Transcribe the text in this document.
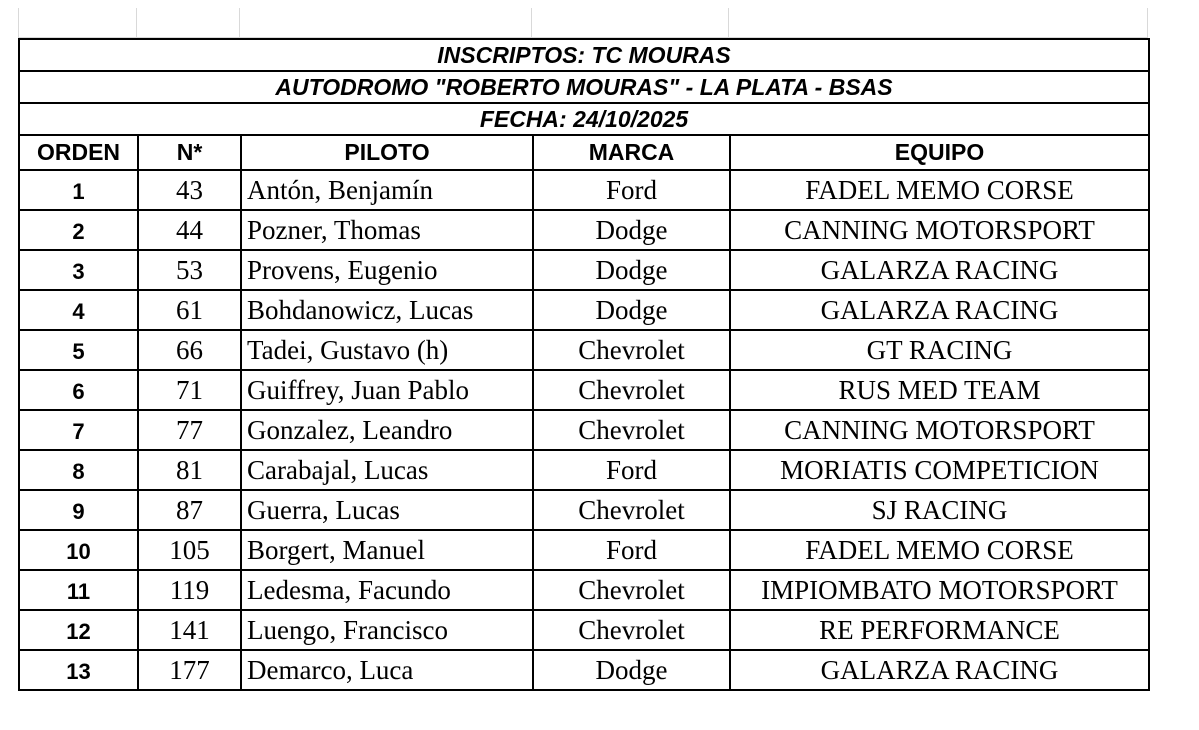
INSCRIPTOS: TC MOURAS				
AUTODROMO "ROBERTO MOURAS" - LA PLATA - BSAS				
FECHA: 24/10/2025				
ORDEN	N*	PILOTO	MARCA	EQUIPO
1	43	Antón, Benjamín	Ford	FADEL MEMO CORSE
2	44	Pozner, Thomas	Dodge	CANNING MOTORSPORT
3	53	Provens, Eugenio	Dodge	GALARZA RACING
4	61	Bohdanowicz, Lucas	Dodge	GALARZA RACING
5	66	Tadei, Gustavo (h)	Chevrolet	GT RACING
6	71	Guiffrey, Juan Pablo	Chevrolet	RUS MED TEAM
7	77	Gonzalez, Leandro	Chevrolet	CANNING MOTORSPORT
8	81	Carabajal, Lucas	Ford	MORIATIS COMPETICION
9	87	Guerra, Lucas	Chevrolet	SJ RACING
10	105	Borgert, Manuel	Ford	FADEL MEMO CORSE
11	119	Ledesma, Facundo	Chevrolet	IMPIOMBATO MOTORSPORT
12	141	Luengo, Francisco	Chevrolet	RE PERFORMANCE
13	177	Demarco, Luca	Dodge	GALARZA RACING
